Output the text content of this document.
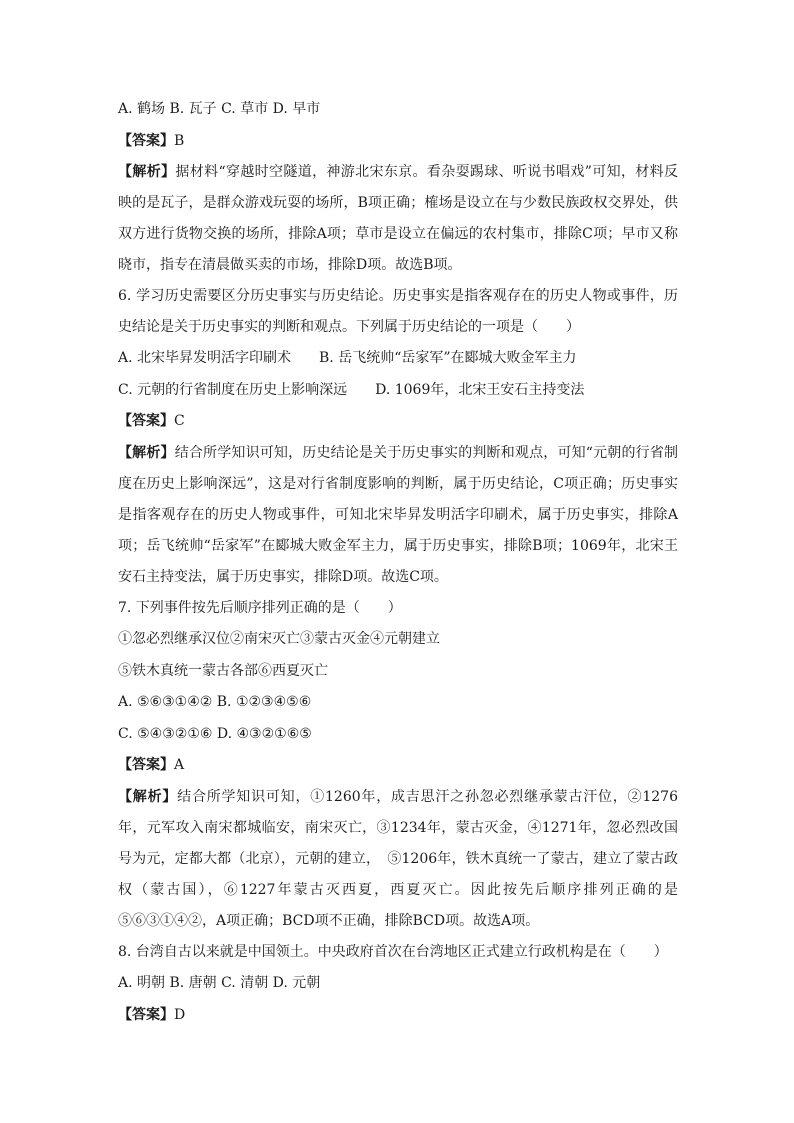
A. 鹤场 B. 瓦子 C. 草市 D. 早市
【答案】B
【解析】据材料“穿越时空隧道，神游北宋东京。看杂耍踢球、听说书唱戏”可知，材料反映的是瓦子，是群众游戏玩耍的场所，B项正确；榷场是设立在与少数民族政权交界处，供双方进行货物交换的场所，排除A项；草市是设立在偏远的农村集市，排除C项；早市又称晓市，指专在清晨做买卖的市场，排除D项。故选B项。
6. 学习历史需要区分历史事实与历史结论。历史事实是指客观存在的历史人物或事件，历史结论是关于历史事实的判断和观点。下列属于历史结论的一项是（　　）
A. 北宋毕昇发明活字印刷术　　B. 岳飞统帅“岳家军”在郾城大败金军主力
C. 元朝的行省制度在历史上影响深远　　D. 1069年，北宋王安石主持变法
【答案】C
【解析】结合所学知识可知，历史结论是关于历史事实的判断和观点，可知“元朝的行省制度在历史上影响深远”，这是对行省制度影响的判断，属于历史结论，C项正确；历史事实是指客观存在的历史人物或事件，可知北宋毕昇发明活字印刷术，属于历史事实，排除A项；岳飞统帅“岳家军”在郾城大败金军主力，属于历史事实，排除B项；1069年，北宋王安石主持变法，属于历史事实，排除D项。故选C项。
7. 下列事件按先后顺序排列正确的是（　　）
①忽必烈继承汉位②南宋灭亡③蒙古灭金④元朝建立
⑤铁木真统一蒙古各部⑥西夏灭亡
A. ⑤⑥③①④② B. ①②③④⑤⑥
C. ⑤④③②①⑥ D. ④③②①⑥⑤
【答案】A
【解析】结合所学知识可知，①1260年，成吉思汗之孙忽必烈继承蒙古汗位，②1276年，元军攻入南宋都城临安，南宋灭亡，③1234年，蒙古灭金，④1271年，忽必烈改国号为元，定都大都（北京），元朝的建立，　⑤1206年，铁木真统一了蒙古，建立了蒙古政权（蒙古国），⑥1227年蒙古灭西夏，西夏灭亡。因此按先后顺序排列正确的是⑤⑥③①④②，A项正确；BCD项不正确，排除BCD项。故选A项。
8. 台湾自古以来就是中国领土。中央政府首次在台湾地区正式建立行政机构是在（　　）
A. 明朝 B. 唐朝 C. 清朝 D. 元朝
【答案】D
